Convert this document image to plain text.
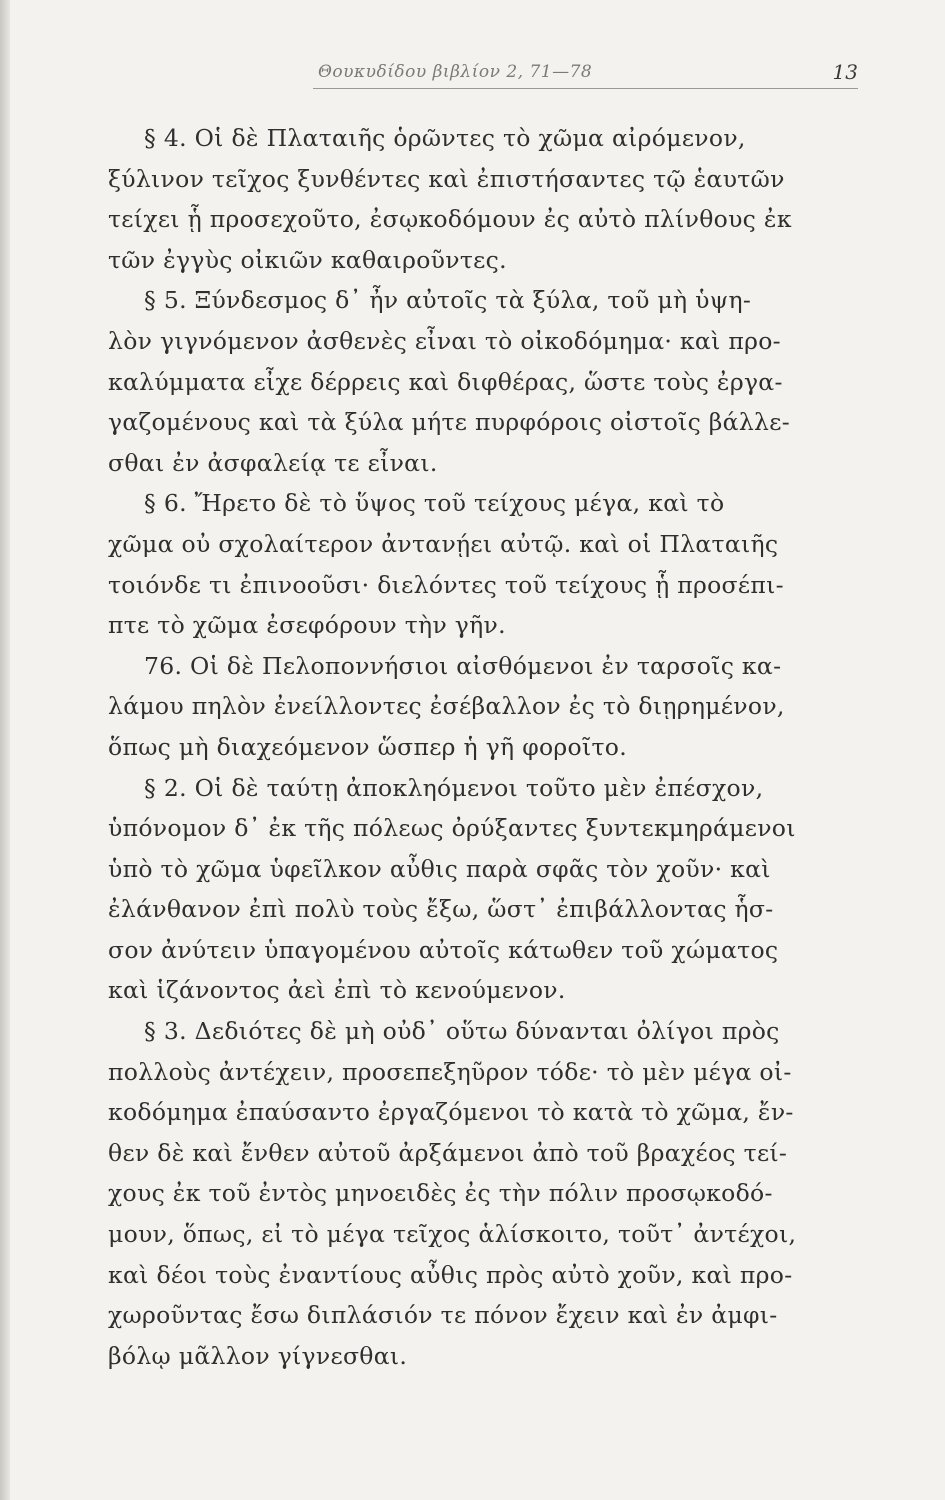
Θουκυδίδου βιβλίον 2, 71—78	13
§ 4. Οἱ δὲ Πλαταιῆς ὁρῶντες τὸ χῶμα αἰρόμενον,
ξύλινον τεῖχος ξυνθέντες καὶ ἐπιστήσαντες τῷ ἑαυτῶν
τείχει ᾗ προσεχοῦτο, ἐσῳκοδόμουν ἐς αὐτὸ πλίνθους ἐκ
τῶν ἐγγὺς οἰκιῶν καθαιροῦντες.
§ 5. Ξύνδεσμος δ᾽ ἦν αὐτοῖς τὰ ξύλα, τοῦ μὴ ὑψη-
λὸν γιγνόμενον ἀσθενὲς εἶναι τὸ οἰκοδόμημα· καὶ προ-
καλύμματα εἶχε δέρρεις καὶ διφθέρας, ὥστε τοὺς ἐργα-
γαζομένους καὶ τὰ ξύλα μήτε πυρφόροις οἰστοῖς βάλλε-
σθαι ἐν ἀσφαλείᾳ τε εἶναι.
§ 6. Ἤρετο δὲ τὸ ὕψος τοῦ τείχους μέγα, καὶ τὸ
χῶμα οὐ σχολαίτερον ἀντανῄει αὐτῷ. καὶ οἱ Πλαταιῆς
τοιόνδε τι ἐπινοοῦσι· διελόντες τοῦ τείχους ᾗ προσέπι-
πτε τὸ χῶμα ἐσεφόρουν τὴν γῆν.
76. Οἱ δὲ Πελοποννήσιοι αἰσθόμενοι ἐν ταρσοῖς κα-
λάμου πηλὸν ἐνείλλοντες ἐσέβαλλον ἐς τὸ διῃρημένον,
ὅπως μὴ διαχεόμενον ὥσπερ ἡ γῆ φοροῖτο.
§ 2. Οἱ δὲ ταύτῃ ἀποκληόμενοι τοῦτο μὲν ἐπέσχον,
ὑπόνομον δ᾽ ἐκ τῆς πόλεως ὀρύξαντες ξυντεκμηράμενοι
ὑπὸ τὸ χῶμα ὑφεῖλκον αὖθις παρὰ σφᾶς τὸν χοῦν· καὶ
ἐλάνθανον ἐπὶ πολὺ τοὺς ἔξω, ὥστ᾽ ἐπιβάλλοντας ἧσ-
σον ἀνύτειν ὑπαγομένου αὐτοῖς κάτωθεν τοῦ χώματος
καὶ ἱζάνοντος ἀεὶ ἐπὶ τὸ κενούμενον.
§ 3. Δεδιότες δὲ μὴ οὐδ᾽ οὕτω δύνανται ὀλίγοι πρὸς
πολλοὺς ἀντέχειν, προσεπεξηῦρον τόδε· τὸ μὲν μέγα οἰ-
κοδόμημα ἐπαύσαντο ἐργαζόμενοι τὸ κατὰ τὸ χῶμα, ἔν-
θεν δὲ καὶ ἔνθεν αὐτοῦ ἀρξάμενοι ἀπὸ τοῦ βραχέος τεί-
χους ἐκ τοῦ ἐντὸς μηνοειδὲς ἐς τὴν πόλιν προσῳκοδό-
μουν, ὅπως, εἰ τὸ μέγα τεῖχος ἁλίσκοιτο, τοῦτ᾽ ἀντέχοι,
καὶ δέοι τοὺς ἐναντίους αὖθις πρὸς αὐτὸ χοῦν, καὶ προ-
χωροῦντας ἔσω διπλάσιόν τε πόνον ἔχειν καὶ ἐν ἀμφι-
βόλῳ μᾶλλον γίγνεσθαι.
